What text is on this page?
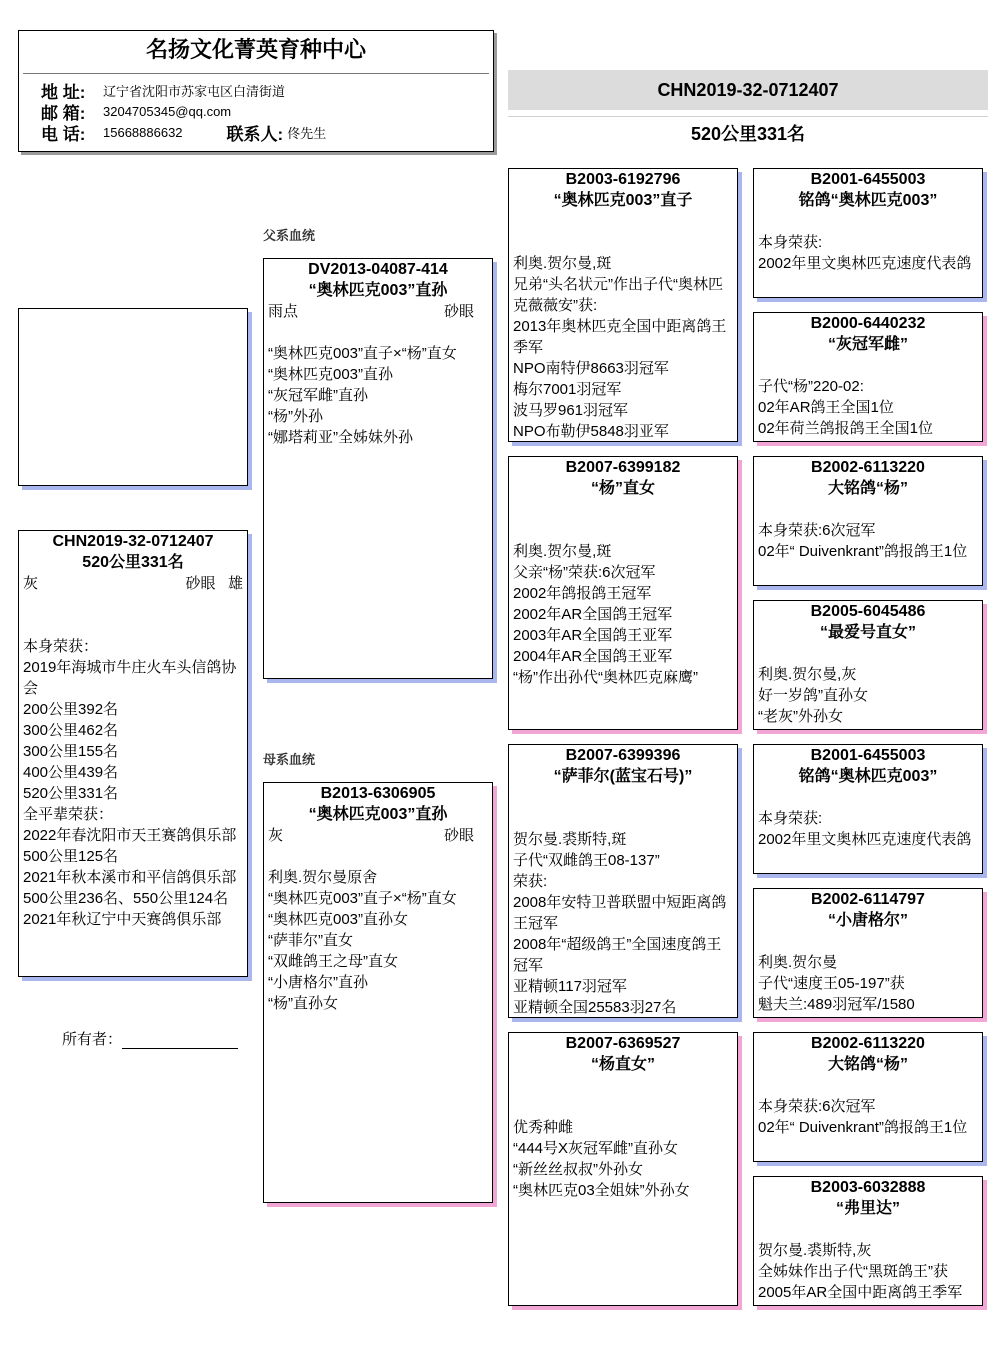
名扬文化菁英育种中心
地 址:	辽宁省沈阳市苏家屯区白清街道
邮 箱:	3204705345@qq.com
电 话:	15668886632	联系人: 佟先生
CHN2019-32-0712407
520公里331名
CHN2019-32-0712407
520公里331名
灰	砂眼 雄
本身荣获：
2019年海城市牛庄火车头信鸽协会
200公里392名
300公里462名
300公里155名
400公里439名
520公里331名
全平辈荣获：
2022年春沈阳市天王赛鸽俱乐部500公里125名
2021年秋本溪市和平信鸽俱乐部500公里236名、550公里124名
2021年秋辽宁中天赛鸽俱乐部
所有者：
父系血统
母系血统
DV2013-04087-414
“奥林匹克003”直孙
雨点	砂眼
“奥林匹克003”直子×“杨”直女
“奥林匹克003”直孙
“灰冠军雌”直孙
“杨”外孙
“娜塔莉亚”全姊妹外孙
B2013-6306905
“奥林匹克003”直孙
灰	砂眼
利奥.贺尔曼原舍
“奥林匹克003”直子×“杨”直女
“奥林匹克003”直孙女
“萨菲尔”直女
“双雌鸽王之母”直女
“小唐格尔”直孙
“杨”直孙女
B2003-6192796
“奥林匹克003”直子
利奥.贺尔曼,斑
兄弟“头名状元”作出子代“奥林匹克薇薇安”获:
2013年奥林匹克全国中距离鸽王季军
NPO南特伊8663羽冠军
梅尔7001羽冠军
波马罗961羽冠军
NPO布勒伊5848羽亚军
B2007-6399182
“杨”直女
利奥.贺尔曼,斑
父亲“杨”荣获:6次冠军
2002年鸽报鸽王冠军
2002年AR全国鸽王冠军
2003年AR全国鸽王亚军
2004年AR全国鸽王亚军
“杨”作出孙代“奥林匹克麻鹰”
B2007-6399396
“萨菲尔(蓝宝石号)”
贺尔曼.裘斯特,斑
子代“双雌鸽王08-137”
荣获:
2008年安特卫普联盟中短距离鸽王冠军
2008年“超级鸽王”全国速度鸽王冠军
亚精顿117羽冠军
亚精顿全国25583羽27名
B2007-6369527
“杨直女”
优秀种雌
“444号X灰冠军雌”直孙女
“新丝丝叔叔”外孙女
“奥林匹克03全姐妹”外孙女
B2001-6455003
铭鸽“奥林匹克003”
本身荣获:
2002年里文奥林匹克速度代表鸽
B2000-6440232
“灰冠军雌”
子代“杨”220-02:
02年AR鸽王全国1位
02年荷兰鸽报鸽王全国1位
B2002-6113220
大铭鸽“杨”
本身荣获:6次冠军
02年“ Duivenkrant”鸽报鸽王1位
B2005-6045486
“最爱号直女”
利奥.贺尔曼,灰
好一岁鸽”直孙女
“老灰”外孙女
B2001-6455003
铭鸽“奥林匹克003”
本身荣获:
2002年里文奥林匹克速度代表鸽
B2002-6114797
“小唐格尔”
利奥.贺尔曼
子代“速度王05-197”获
魁夫兰:489羽冠军/1580
B2002-6113220
大铭鸽“杨”
本身荣获:6次冠军
02年“ Duivenkrant”鸽报鸽王1位
B2003-6032888
“弗里达”
贺尔曼.裘斯特,灰
全姊妹作出子代“黑斑鸽王”获
2005年AR全国中距离鸽王季军
